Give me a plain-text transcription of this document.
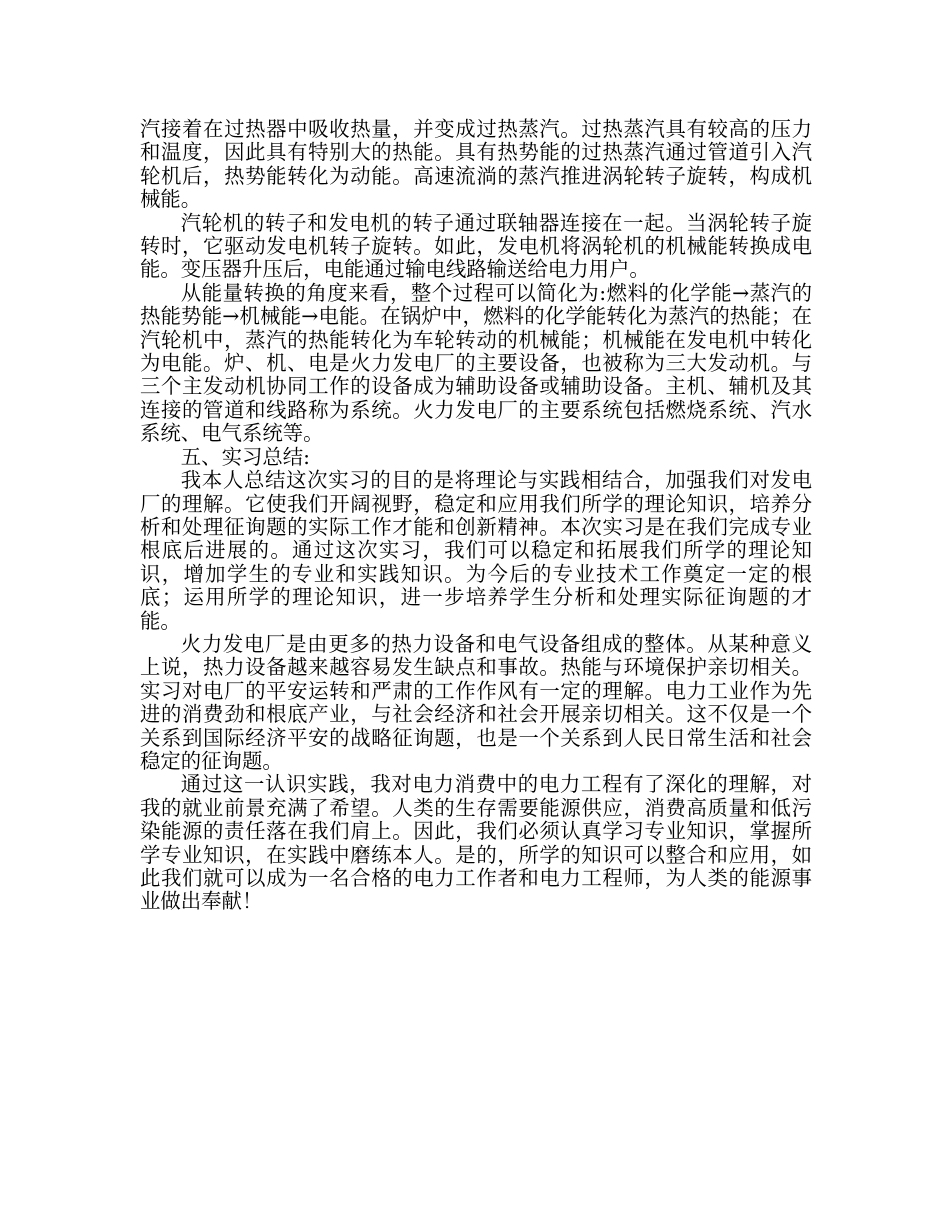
汽接着在过热器中吸收热量，并变成过热蒸汽。过热蒸汽具有较高的压力和温度，因此具有特别大的热能。具有热势能的过热蒸汽通过管道引入汽轮机后，热势能转化为动能。高速流淌的蒸汽推进涡轮转子旋转，构成机械能。

汽轮机的转子和发电机的转子通过联轴器连接在一起。当涡轮转子旋转时，它驱动发电机转子旋转。如此，发电机将涡轮机的机械能转换成电能。变压器升压后，电能通过输电线路输送给电力用户。

从能量转换的角度来看，整个过程可以简化为:燃料的化学能→蒸汽的热能势能→机械能→电能。在锅炉中，燃料的化学能转化为蒸汽的热能；在汽轮机中，蒸汽的热能转化为车轮转动的机械能；机械能在发电机中转化为电能。炉、机、电是火力发电厂的主要设备，也被称为三大发动机。与三个主发动机协同工作的设备成为辅助设备或辅助设备。主机、辅机及其连接的管道和线路称为系统。火力发电厂的主要系统包括燃烧系统、汽水系统、电气系统等。

五、实习总结:

我本人总结这次实习的目的是将理论与实践相结合，加强我们对发电厂的理解。它使我们开阔视野，稳定和应用我们所学的理论知识，培养分析和处理征询题的实际工作才能和创新精神。本次实习是在我们完成专业根底后进展的。通过这次实习，我们可以稳定和拓展我们所学的理论知识，增加学生的专业和实践知识。为今后的专业技术工作奠定一定的根底；运用所学的理论知识，进一步培养学生分析和处理实际征询题的才能。

火力发电厂是由更多的热力设备和电气设备组成的整体。从某种意义上说，热力设备越来越容易发生缺点和事故。热能与环境保护亲切相关。实习对电厂的平安运转和严肃的工作作风有一定的理解。电力工业作为先进的消费劲和根底产业，与社会经济和社会开展亲切相关。这不仅是一个关系到国际经济平安的战略征询题，也是一个关系到人民日常生活和社会稳定的征询题。

通过这一认识实践，我对电力消费中的电力工程有了深化的理解，对我的就业前景充满了希望。人类的生存需要能源供应，消费高质量和低污染能源的责任落在我们肩上。因此，我们必须认真学习专业知识，掌握所学专业知识，在实践中磨练本人。是的，所学的知识可以整合和应用，如此我们就可以成为一名合格的电力工作者和电力工程师，为人类的能源事业做出奉献！
